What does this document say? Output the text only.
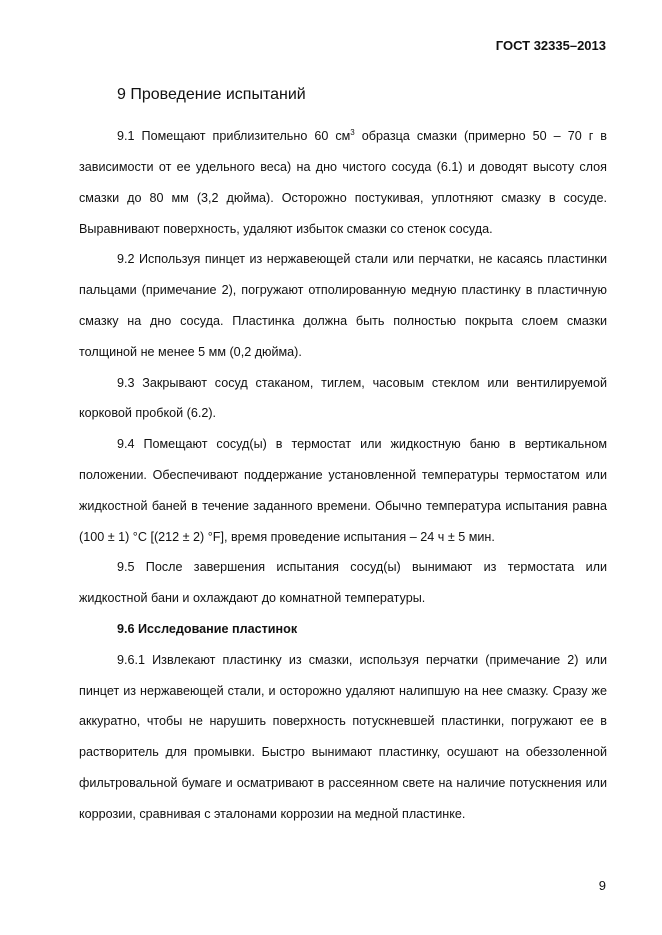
ГОСТ 32335–2013
9 Проведение испытаний

9.1 Помещают приблизительно 60 $см^3$ образца смазки (примерно 50 – 70 г в зависимости от ее удельного веса) на дно чистого сосуда (6.1) и доводят высоту слоя смазки до 80 мм (3,2 дюйма). Осторожно постукивая, уплотняют смазку в сосуде. Выравнивают поверхность, удаляют избыток смазки со стенок сосуда.

9.2 Используя пинцет из нержавеющей стали или перчатки, не касаясь пластинки пальцами (примечание 2), погружают отполированную медную пластинку в пластичную смазку на дно сосуда. Пластинка должна быть полностью покрыта слоем смазки толщиной не менее 5 мм (0,2 дюйма).

9.3 Закрывают сосуд стаканом, тиглем, часовым стеклом или вентилируемой корковой пробкой (6.2).

9.4 Помещают сосуд(ы) в термостат или жидкостную баню в вертикальном положении. Обеспечивают поддержание установленной температуры термостатом или жидкостной баней в течение заданного времени. Обычно температура испытания равна (100 ± 1) °С [(212 ± 2) °F], время проведение испытания – 24 ч ± 5 мин.

9.5 После завершения испытания сосуд(ы) вынимают из термостата или жидкостной бани и охлаждают до комнатной температуры.

9.6 Исследование пластинок

9.6.1 Извлекают пластинку из смазки, используя перчатки (примечание 2) или пинцет из нержавеющей стали, и осторожно удаляют налипшую на нее смазку. Сразу же аккуратно, чтобы не нарушить поверхность потускневшей пластинки, погружают ее в растворитель для промывки. Быстро вынимают пластинку, осушают на обеззоленной фильтровальной бумаге и осматривают в рассеянном свете на наличие потускнения или коррозии, сравнивая с эталонами коррозии на медной пластинке.

9
